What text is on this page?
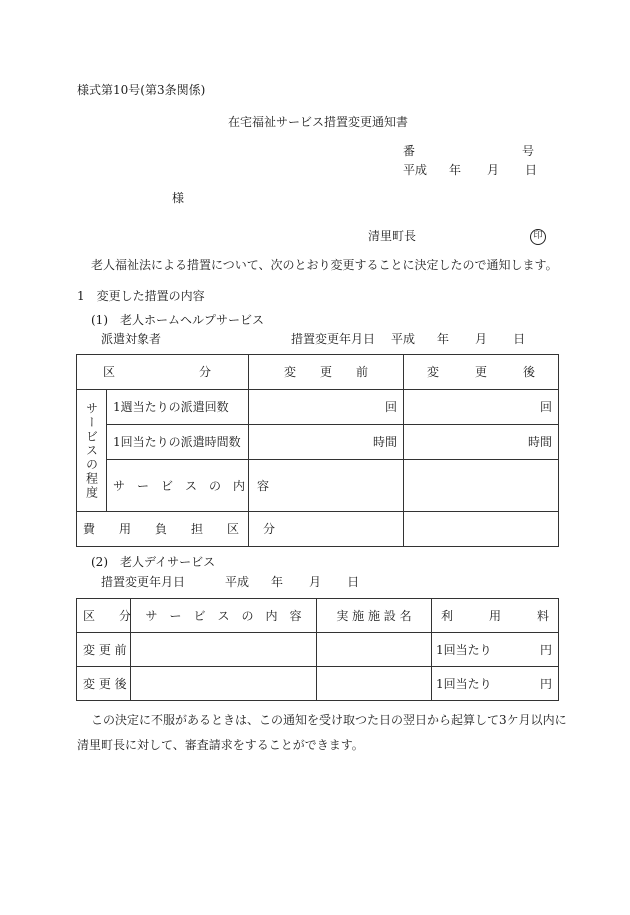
様式第10号(第3条関係)
在宅福祉サービス措置変更通知書
番	号
平成 年 月 日
様
清里町長	印
老人福祉法による措置について、次のとおり変更することに決定したので通知します。
1　変更した措置の内容
(1)　老人ホームヘルプサービス
派遣対象者	措置変更年月日 平成 年 月 日
区　　　　　　　分		変　　更　　前	変　　　更　　　後
サービスの程度	1週当たりの派遣回数	回	回
	1回当たりの派遣時間数	時間	時間
	サ　ー　ビ　ス　の　内　容		
費　　用　　負　　担　　区　　分			
(2)　老人デイサービス
措置変更年月日	平成 年 月 日
区　　分	サ　ー　ビ　ス　の　内　容	実 施 施 設 名	利　　　用　　　料
変 更 前			1回当たり 円

変 更 後			1回当たり 円
この決定に不服があるときは、この通知を受け取つた日の翌日から起算して3ケ月以内に
清里町長に対して、審査請求をすることができます。
